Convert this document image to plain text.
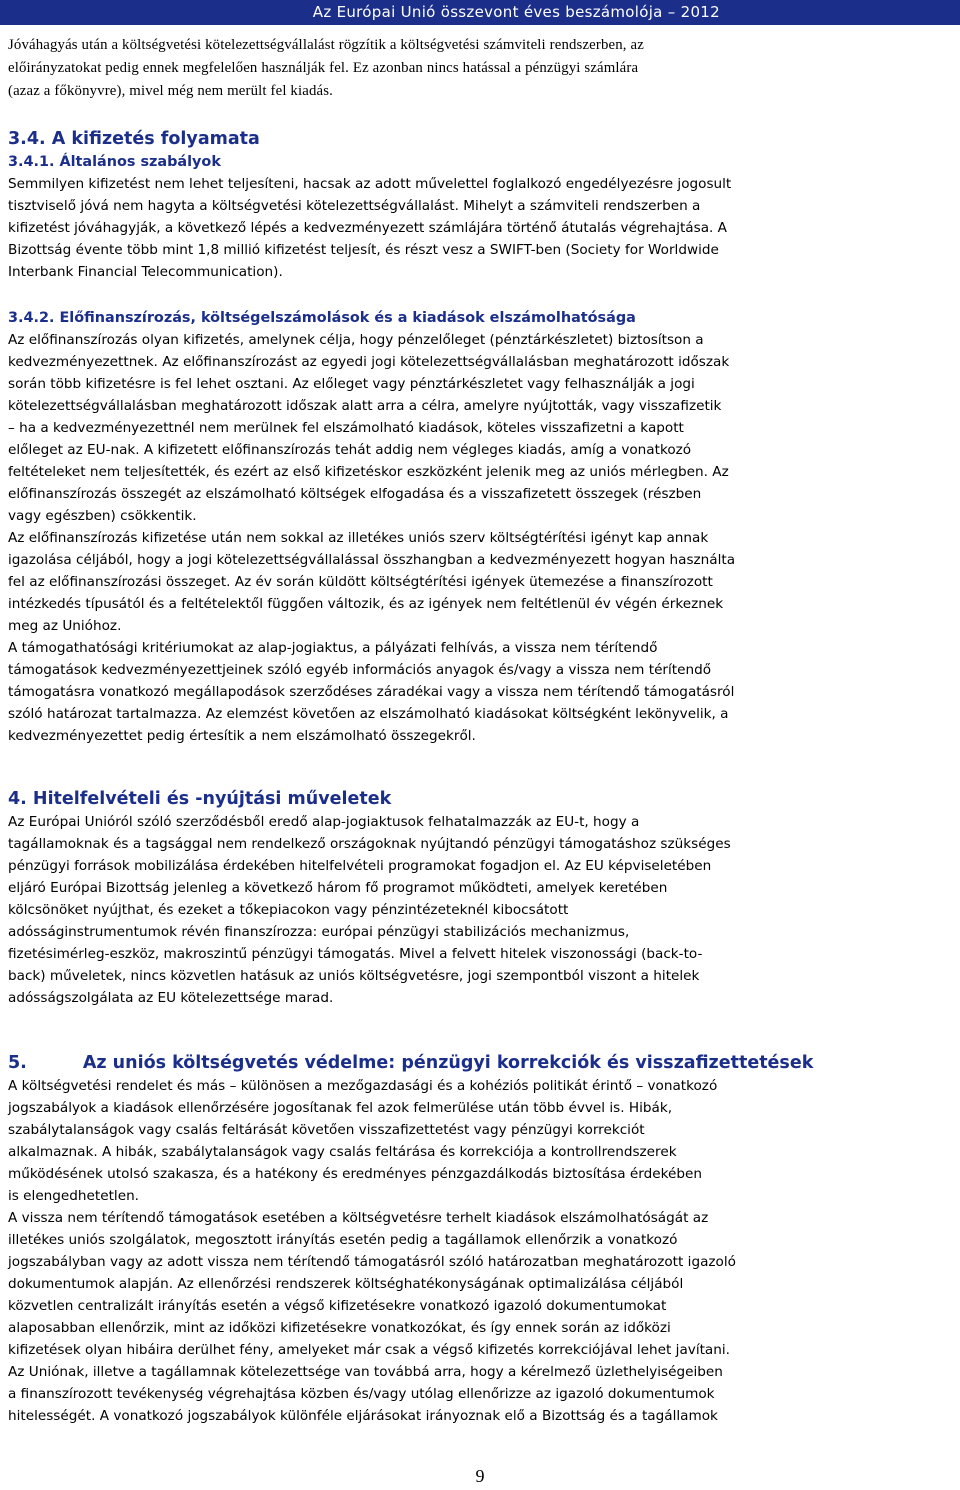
Az Európai Unió összevont éves beszámolója – 2012

Jóváhagyás után a költségvetési kötelezettségvállalást rögzítik a költségvetési számviteli rendszerben, az
előirányzatokat pedig ennek megfelelően használják fel. Ez azonban nincs hatással a pénzügyi számlára
(azaz a főkönyvre), mivel még nem merült fel kiadás.

3.4. A kifizetés folyamata
3.4.1. Általános szabályok

Semmilyen kifizetést nem lehet teljesíteni, hacsak az adott művelettel foglalkozó engedélyezésre jogosult
tisztviselő jóvá nem hagyta a költségvetési kötelezettségvállalást. Mihelyt a számviteli rendszerben a
kifizetést jóváhagyják, a következő lépés a kedvezményezett számlájára történő átutalás végrehajtása. A
Bizottság évente több mint 1,8 millió kifizetést teljesít, és részt vesz a SWIFT-ben (Society for Worldwide
Interbank Financial Telecommunication).

3.4.2. Előfinanszírozás, költségelszámolások és a kiadások elszámolhatósága

Az előfinanszírozás olyan kifizetés, amelynek célja, hogy pénzelőleget (pénztárkészletet) biztosítson a
kedvezményezettnek. Az előfinanszírozást az egyedi jogi kötelezettségvállalásban meghatározott időszak
során több kifizetésre is fel lehet osztani. Az előleget vagy pénztárkészletet vagy felhasználják a jogi
kötelezettségvállalásban meghatározott időszak alatt arra a célra, amelyre nyújtották, vagy visszafizetik
– ha a kedvezményezettnél nem merülnek fel elszámolható kiadások, köteles visszafizetni a kapott
előleget az EU-nak. A kifizetett előfinanszírozás tehát addig nem végleges kiadás, amíg a vonatkozó
feltételeket nem teljesítették, és ezért az első kifizetéskor eszközként jelenik meg az uniós mérlegben. Az
előfinanszírozás összegét az elszámolható költségek elfogadása és a visszafizetett összegek (részben
vagy egészben) csökkentik.

Az előfinanszírozás kifizetése után nem sokkal az illetékes uniós szerv költségtérítési igényt kap annak
igazolása céljából, hogy a jogi kötelezettségvállalással összhangban a kedvezményezett hogyan használta
fel az előfinanszírozási összeget. Az év során küldött költségtérítési igények ütemezése a finanszírozott
intézkedés típusától és a feltételektől függően változik, és az igények nem feltétlenül év végén érkeznek
meg az Unióhoz.

A támogathatósági kritériumokat az alap-jogiaktus, a pályázati felhívás, a vissza nem térítendő
támogatások kedvezményezettjeinek szóló egyéb információs anyagok és/vagy a vissza nem térítendő
támogatásra vonatkozó megállapodások szerződéses záradékai vagy a vissza nem térítendő támogatásról
szóló határozat tartalmazza. Az elemzést követően az elszámolható kiadásokat költségként lekönyvelik, a
kedvezményezettet pedig értesítik a nem elszámolható összegekről.

4. Hitelfelvételi és -nyújtási műveletek

Az Európai Unióról szóló szerződésből eredő alap-jogiaktusok felhatalmazzák az EU-t, hogy a
tagállamoknak és a tagsággal nem rendelkező országoknak nyújtandó pénzügyi támogatáshoz szükséges
pénzügyi források mobilizálása érdekében hitelfelvételi programokat fogadjon el. Az EU képviseletében
eljáró Európai Bizottság jelenleg a következő három fő programot működteti, amelyek keretében
kölcsönöket nyújthat, és ezeket a tőkepiacokon vagy pénzintézeteknél kibocsátott
adósságinstrumentumok révén finanszírozza: európai pénzügyi stabilizációs mechanizmus,
fizetésimérleg-eszköz, makroszintű pénzügyi támogatás. Mivel a felvett hitelek viszonossági (back-to-
back) műveletek, nincs közvetlen hatásuk az uniós költségvetésre, jogi szempontból viszont a hitelek
adósságszolgálata az EU kötelezettsége marad.

5.	Az uniós költségvetés védelme: pénzügyi korrekciók és visszafizettetések

A költségvetési rendelet és más – különösen a mezőgazdasági és a kohéziós politikát érintő – vonatkozó
jogszabályok a kiadások ellenőrzésére jogosítanak fel azok felmerülése után több évvel is. Hibák,
szabálytalanságok vagy csalás feltárását követően visszafizettetést vagy pénzügyi korrekciót
alkalmaznak. A hibák, szabálytalanságok vagy csalás feltárása és korrekciója a kontrollrendszerek
működésének utolsó szakasza, és a hatékony és eredményes pénzgazdálkodás biztosítása érdekében
is elengedhetetlen.

A vissza nem térítendő támogatások esetében a költségvetésre terhelt kiadások elszámolhatóságát az
illetékes uniós szolgálatok, megosztott irányítás esetén pedig a tagállamok ellenőrzik a vonatkozó
jogszabályban vagy az adott vissza nem térítendő támogatásról szóló határozatban meghatározott igazoló
dokumentumok alapján. Az ellenőrzési rendszerek költséghatékonyságának optimalizálása céljából
közvetlen centralizált irányítás esetén a végső kifizetésekre vonatkozó igazoló dokumentumokat
alaposabban ellenőrzik, mint az időközi kifizetésekre vonatkozókat, és így ennek során az időközi
kifizetések olyan hibáira derülhet fény, amelyeket már csak a végső kifizetés korrekciójával lehet javítani.
Az Uniónak, illetve a tagállamnak kötelezettsége van továbbá arra, hogy a kérelmező üzlethelyiségeiben
a finanszírozott tevékenység végrehajtása közben és/vagy utólag ellenőrizze az igazoló dokumentumok
hitelességét. A vonatkozó jogszabályok különféle eljárásokat irányoznak elő a Bizottság és a tagállamok

9
